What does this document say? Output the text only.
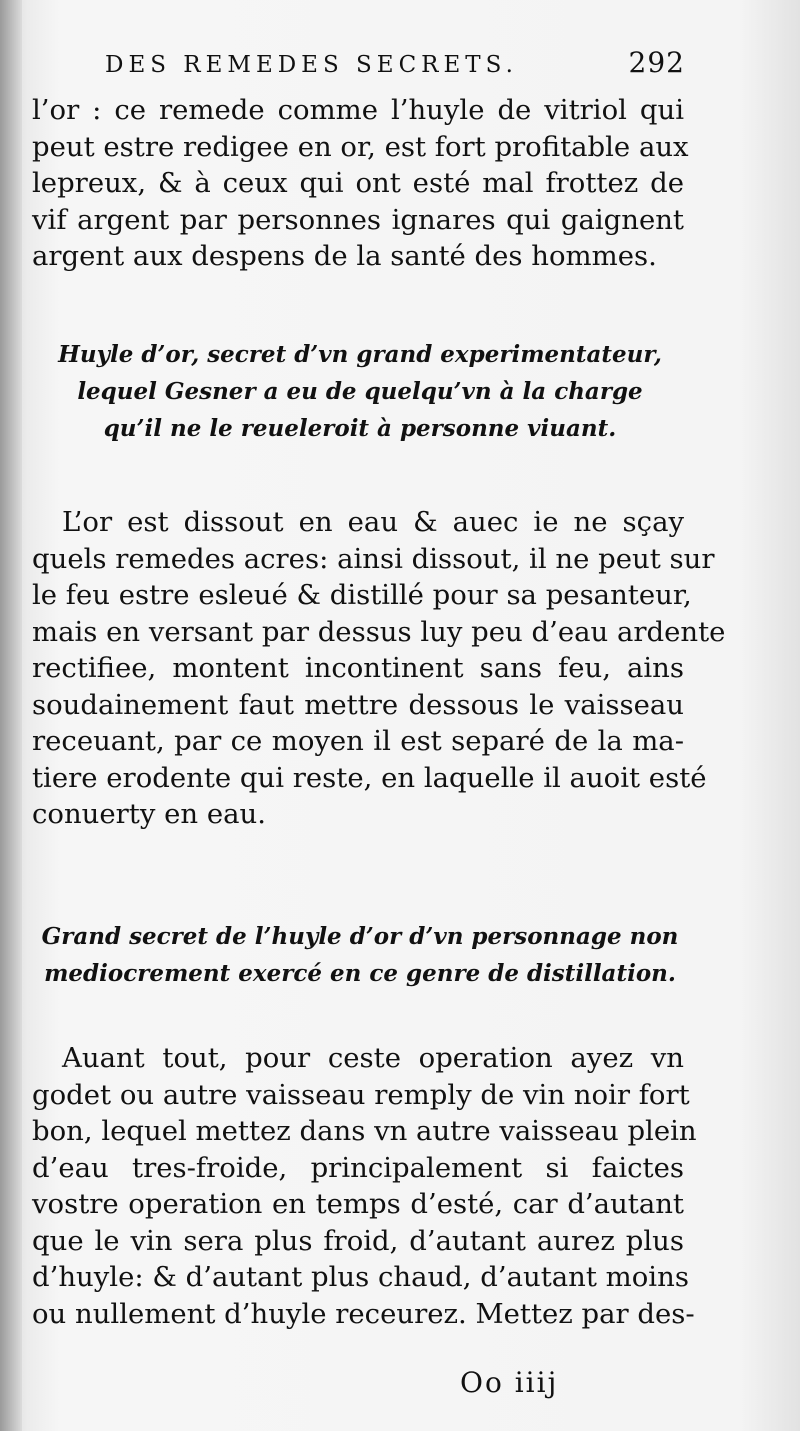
DES REMEDES SECRETS.	292
l’or : ce remede comme l’huyle de vitriol qui
peut estre redigee en or, est fort profitable aux
lepreux, & à ceux qui ont esté mal frottez de
vif argent par personnes ignares qui gaignent
argent aux despens de la santé des hommes.
Huyle d’or, secret d’vn grand experimentateur,
lequel Gesner a eu de quelqu’vn à la charge
qu’il ne le reueleroit à personne viuant.
L’or est dissout en eau & auec ie ne sçay
quels remedes acres: ainsi dissout, il ne peut sur
le feu estre esleué & distillé pour sa pesanteur,
mais en versant par dessus luy peu d’eau ardente
rectifiee, montent incontinent sans feu, ains
soudainement faut mettre dessous le vaisseau
receuant, par ce moyen il est separé de la ma-
tiere erodente qui reste, en laquelle il auoit esté
conuerty en eau.
Grand secret de l’huyle d’or d’vn personnage non
mediocrement exercé en ce genre de distillation.
Auant tout, pour ceste operation ayez vn
godet ou autre vaisseau remply de vin noir fort
bon, lequel mettez dans vn autre vaisseau plein
d’eau tres-froide, principalement si faictes
vostre operation en temps d’esté, car d’autant
que le vin sera plus froid, d’autant aurez plus
d’huyle: & d’autant plus chaud, d’autant moins
ou nullement d’huyle receurez. Mettez par des-
Oo iiij
